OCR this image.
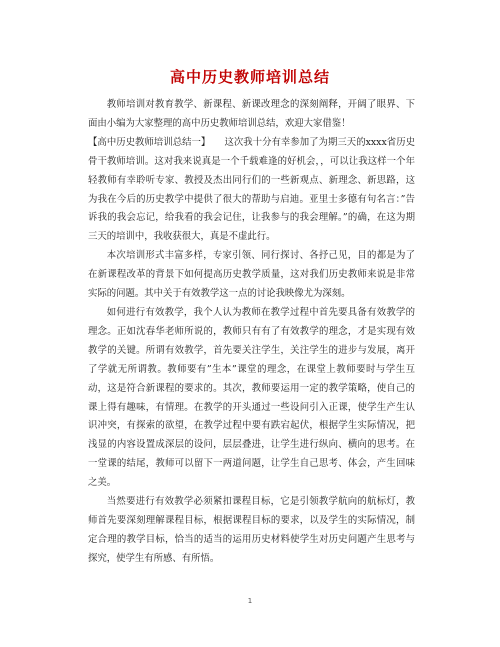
高中历史教师培训总结

教师培训对教育教学、新课程、新课改理念的深刻阐释，开阔了眼界、下面由小编为大家整理的高中历史教师培训总结，欢迎大家借鉴！

【高中历史教师培训总结一】　　这次我十分有幸参加了为期三天的xxxx省历史骨干教师培训。这对我来说真是一个千载难逢的好机会，，可以让我这样一个年轻教师有幸聆听专家、教授及杰出同行们的一些新观点、新理念、新思路，这为我在今后的历史教学中提供了很大的帮助与启迪。亚里士多德有句名言：”告诉我的我会忘记，给我看的我会记住，让我参与的我会理解。”的确，在这为期三天的培训中，我收获很大，真是不虚此行。

本次培训形式丰富多样，专家引领、同行探讨、各抒己见，目的都是为了在新课程改革的背景下如何提高历史教学质量，这对我们历史教师来说是非常实际的问题。其中关于有效教学这一点的讨论我映像尤为深刻。

如何进行有效教学，我个人认为教师在教学过程中首先要具备有效教学的理念。正如沈春华老师所说的，教师只有有了有效教学的理念，才是实现有效教学的关键。所谓有效教学，首先要关注学生，关注学生的进步与发展，离开了学就无所谓教。教师要有”生本”课堂的理念，在课堂上教师要时与学生互动，这是符合新课程的要求的。其次，教师要运用一定的教学策略，使自己的课上得有趣味，有情理。在教学的开头通过一些设问引入正课，使学生产生认识冲突，有探索的欲望，在教学过程中要有跌宕起伏，根据学生实际情况，把浅显的内容设置成深层的设问，层层叠进，让学生进行纵向、横向的思考。在一堂课的结尾，教师可以留下一两道问题，让学生自己思考、体会，产生回味之美。

当然要进行有效教学必须紧扣课程目标，它是引领教学航向的航标灯，教师首先要深刻理解课程目标，根据课程目标的要求，以及学生的实际情况，制定合理的教学目标，恰当的适当的运用历史材料使学生对历史问题产生思考与探究，使学生有所感、有所悟。

1
